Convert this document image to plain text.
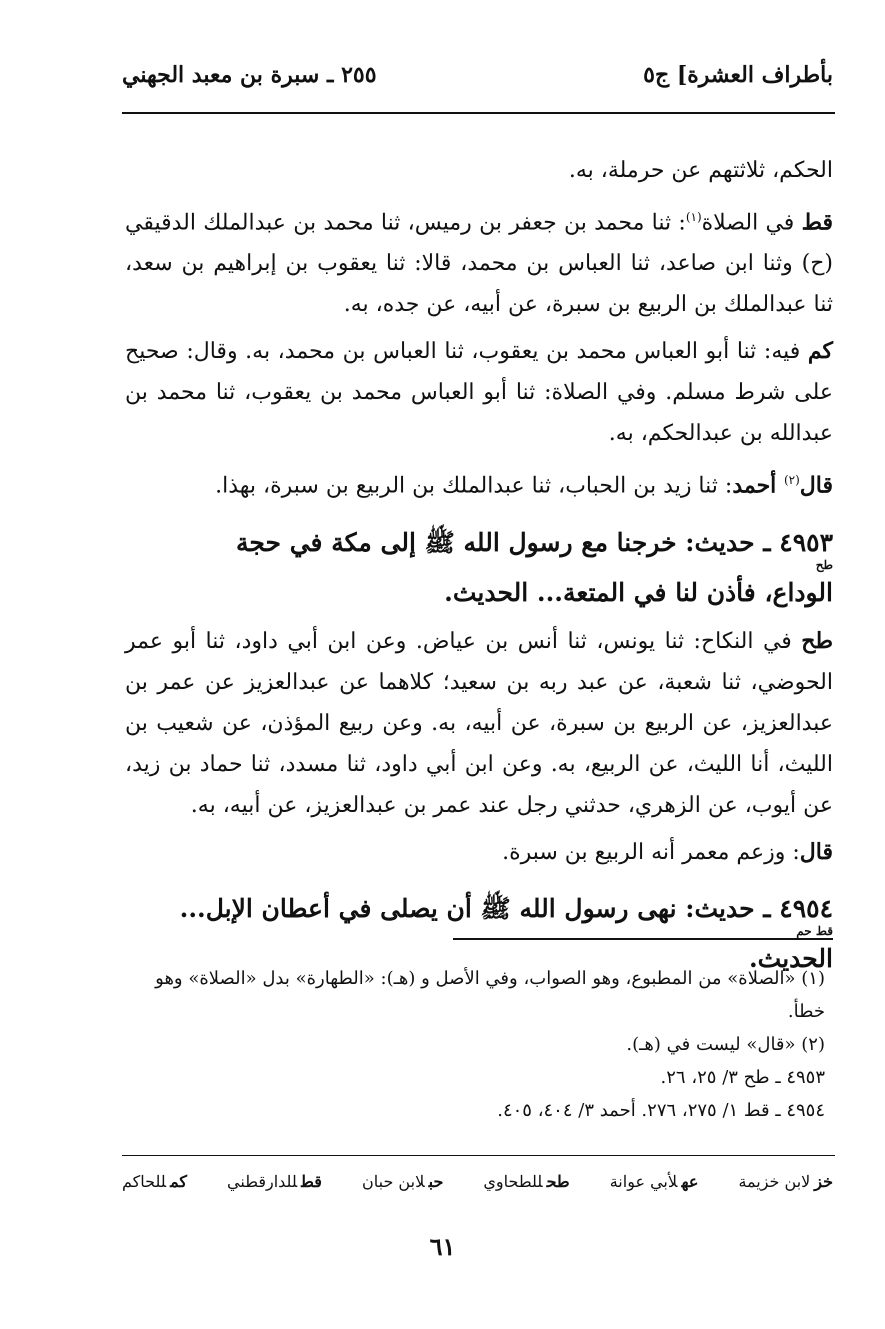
بأطراف العشرة] ج٥
٢٥٥ ـ سبرة بن معبد الجهني

الحكم، ثلاثتهم عن حرملة، به.

قط في الصلاة$^{(١)}$: ثنا محمد بن جعفر بن رميس، ثنا محمد بن عبدالملك الدقيقي (ح) وثنا ابن صاعد، ثنا العباس بن محمد، قالا: ثنا يعقوب بن إبراهيم بن سعد، ثنا عبدالملك بن الربيع بن سبرة، عن أبيه، عن جده، به.

كم فيه: ثنا أبو العباس محمد بن يعقوب، ثنا العباس بن محمد، به. وقال: صحيح على شرط مسلم. وفي الصلاة: ثنا أبو العباس محمد بن يعقوب، ثنا محمد بن عبدالله بن عبدالحكم، به.

قال$^{(٢)}$ أحمد: ثنا زيد بن الحباب، ثنا عبدالملك بن الربيع بن سبرة، بهذا.

٤٩٥٣ ـ حديث: خرجنا مع رسول الله ﷺ إلى مكة في حجة
طح
الوداع، فأذن لنا في المتعة... الحديث.

طح في النكاح: ثنا يونس، ثنا أنس بن عياض. وعن ابن أبي داود، ثنا أبو عمر الحوضي، ثنا شعبة، عن عبد ربه بن سعيد؛ كلاهما عن عبدالعزيز عن عمر بن عبدالعزيز، عن الربيع بن سبرة، عن أبيه، به. وعن ربيع المؤذن، عن شعيب بن الليث، أنا الليث، عن الربيع، به. وعن ابن أبي داود، ثنا مسدد، ثنا حماد بن زيد، عن أيوب، عن الزهري، حدثني رجل عند عمر بن عبدالعزيز، عن أبيه، به.

قال: وزعم معمر أنه الربيع بن سبرة.

٤٩٥٤ ـ حديث: نهى رسول الله ﷺ أن يصلى في أعطان الإبل...
قط حم
الحديث.

(١) «الصلاة» من المطبوع، وهو الصواب، وفي الأصل و (هـ): «الطهارة» بدل «الصلاة» وهو خطأ.

(٢) «قال» ليست في (هـ).

٤٩٥٣ ـ طح ٣/ ٢٥، ٢٦.

٤٩٥٤ ـ قط ١/ ٢٧٥، ٢٧٦. أحمد ٣/ ٤٠٤، ٤٠٥.

خزلابن خزيمة
عهلأبي عوانة
طحللطحاوي
حبلابن حبان
قطللدارقطني
كمللحاكم
٦١
